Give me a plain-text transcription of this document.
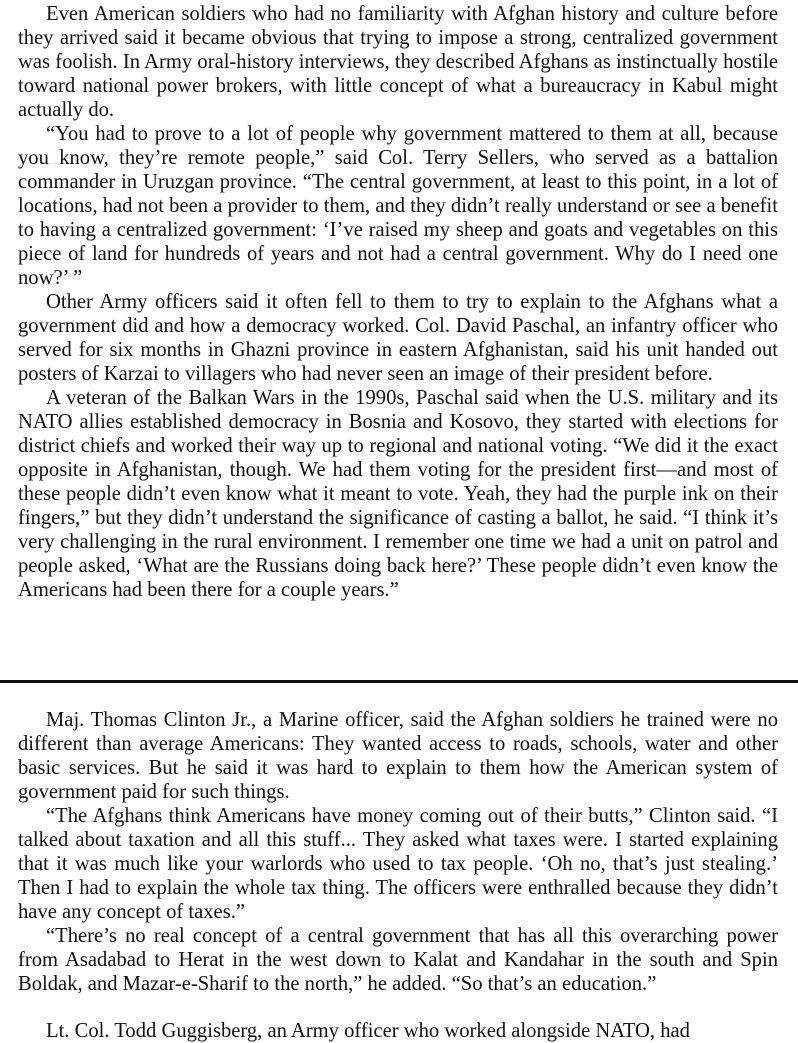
Even American soldiers who had no familiarity with Afghan history and culture before they arrived said it became obvious that trying to impose a strong, centralized government was foolish. In Army oral-history interviews, they described Afghans as instinctually hostile toward national power brokers, with little concept of what a bureaucracy in Kabul might actually do.

“You had to prove to a lot of people why government mattered to them at all, because you know, they’re remote people,” said Col. Terry Sellers, who served as a battalion commander in Uruzgan province. “The central government, at least to this point, in a lot of locations, had not been a provider to them, and they didn’t really understand or see a benefit to having a centralized government: ‘I’ve raised my sheep and goats and vegetables on this piece of land for hundreds of years and not had a central government. Why do I need one now?’ ”

Other Army officers said it often fell to them to try to explain to the Afghans what a government did and how a democracy worked. Col. David Paschal, an infantry officer who served for six months in Ghazni province in eastern Afghanistan, said his unit handed out posters of Karzai to villagers who had never seen an image of their president before.

A veteran of the Balkan Wars in the 1990s, Paschal said when the U.S. military and its NATO allies established democracy in Bosnia and Kosovo, they started with elections for district chiefs and worked their way up to regional and national voting. “We did it the exact opposite in Afghanistan, though. We had them voting for the president first—and most of these people didn’t even know what it meant to vote. Yeah, they had the purple ink on their fingers,” but they didn’t understand the significance of casting a ballot, he said. “I think it’s very challenging in the rural environment. I remember one time we had a unit on patrol and people asked, ‘What are the Russians doing back here?’ These people didn’t even know the Americans had been there for a couple years.”

Maj. Thomas Clinton Jr., a Marine officer, said the Afghan soldiers he trained were no different than average Americans: They wanted access to roads, schools, water and other basic services. But he said it was hard to explain to them how the American system of government paid for such things.

“The Afghans think Americans have money coming out of their butts,” Clinton said. “I talked about taxation and all this stuff... They asked what taxes were. I started explaining that it was much like your warlords who used to tax people. ‘Oh no, that’s just stealing.’ Then I had to explain the whole tax thing. The officers were enthralled because they didn’t have any concept of taxes.”

“There’s no real concept of a central government that has all this overarching power from Asadabad to Herat in the west down to Kalat and Kandahar in the south and Spin Boldak, and Mazar-e-Sharif to the north,” he added. “So that’s an education.”

Lt. Col. Todd Guggisberg, an Army officer who worked alongside NATO, had
